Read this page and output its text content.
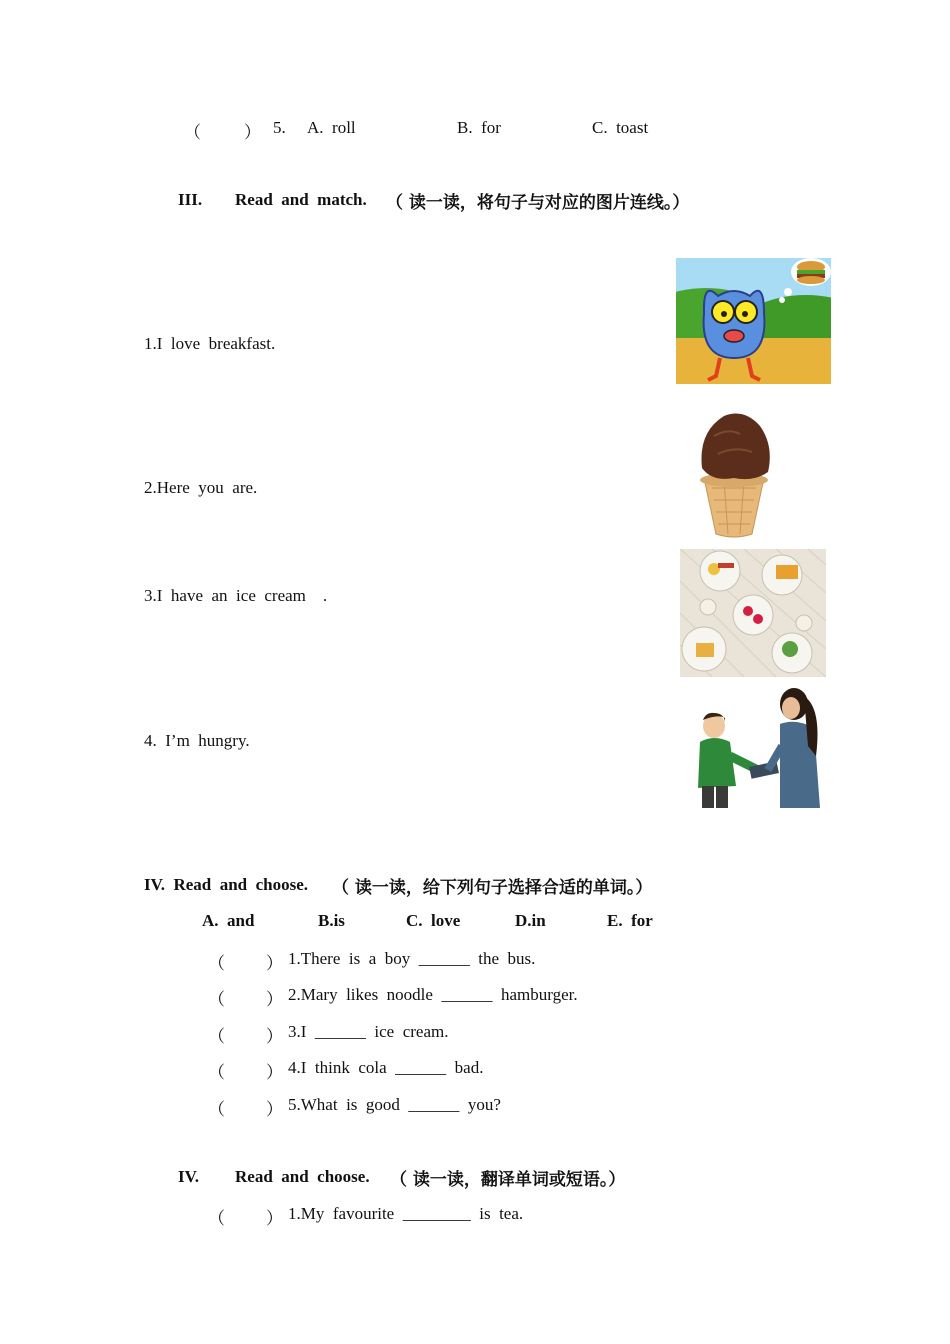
（	） 5. A.  roll	B.  for	C.  toast
III. Read  and  match. （ 读一读，将句子与对应的图片连线。）
1.I  love  breakfast.
2.Here  you  are.
3.I  have  an  ice  cream    .
4.  I’m  hungry.
IV.  Read  and  choose. （ 读一读，给下列句子选择合适的单词。）
A.  and	B.is	C.  love	D.in	E.  for
（ ） 1.There  is  a  boy  ______  the  bus.
（ ） 2.Mary  likes  noodle  ______  hamburger.
（ ） 3.I  ______  ice  cream.
（ ） 4.I  think  cola  ______  bad.
（ ） 5.What  is  good  ______  you?
IV. Read  and  choose. （ 读一读，翻译单词或短语。）
（ ） 1.My  favourite  ________  is  tea.
